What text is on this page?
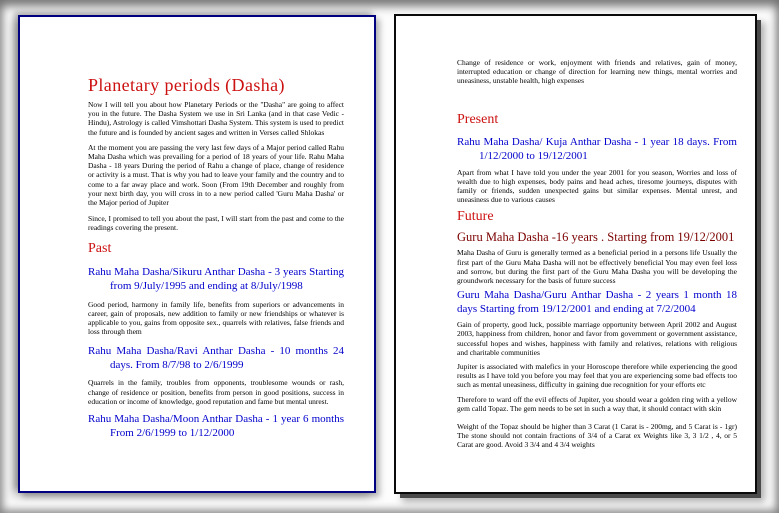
Planetary periods (Dasha)

Now I will tell you about how Planetary Periods or the "Dasha" are going to affect you in the future. The Dasha System we use in Sri Lanka (and in that case Vedic - Hindu), Astrology is called Vimshottari Dasha System. This system is used to predict the future and is founded by ancient sages and written in Verses called Shlokas

At the moment you are passing the very last few days of a Major period called Rahu Maha Dasha which was prevailing for a period of 18 years of your life. Rahu Maha Dasha - 18 years During the period of Rahu a change of place, change of residence or activity is a must. That is why you had to leave your family and the country and to come to a far away place and work. Soon (From 19th December and roughly from your next birth day, you will cross in to a new period called 'Guru Maha Dasha' or the Major period of Jupiter

Since, I promised to tell you about the past, I will start from the past and come to the readings covering the present.

Past
Rahu Maha Dasha/Sikuru Anthar Dasha - 3 years Starting from 9/July/1995 and ending at 8/July/1998

Good period, harmony in family life, benefits from superiors or advancements in career, gain of proposals, new addition to family or new friendships or whatever is applicable to you, gains from opposite sex., quarrels with relatives, false friends and loss through them

Rahu Maha Dasha/Ravi Anthar Dasha - 10 months 24 days. From 8/7/98 to 2/6/1999

Quarrels in the family, troubles from opponents, troublesome wounds or rash, change of residence or position, benefits from person in good positions, success in education or income of knowledge, good reputation and fame but mental unrest.

Rahu Maha Dasha/Moon Anthar Dasha - 1 year 6 months From 2/6/1999 to 1/12/2000

Change of residence or work, enjoyment with friends and relatives, gain of money, interrupted education or change of direction for learning new things, mental worries and uneasiness, unstable health, high expenses

Present
Rahu Maha Dasha/ Kuja Anthar Dasha - 1 year 18 days. From 1/12/2000 to 19/12/2001

Apart from what I have told you under the year 2001 for you season, Worries and loss of wealth due to high expenses, body pains and head aches, tiresome journeys, disputes with family or friends, sudden unexpected gains but similar expenses. Mental unrest, and uneasiness due to various causes

Future
Guru Maha Dasha -16 years . Starting from 19/12/2001

Maha Dasha of Guru is generally termed as a beneficial period in a persons life Usually the first part of the Guru Maha Dasha will not be effectively beneficial You may even feel loss and sorrow, but during the first part of the Guru Maha Dasha you will be developing the groundwork necessary for the basis of future success

Guru Maha Dasha/Guru Anthar Dasha - 2 years 1 month 18 days Starting from 19/12/2001 and ending at 7/2/2004

Gain of property, good luck, possible marriage opportunity between April 2002 and August 2003, happiness from children, honor and favor from government or government assistance, successful hopes and wishes, happiness with family and relatives, relations with religious and charitable communities

Jupiter is associated with malefics in your Horoscope therefore while experiencing the good results as I have told you before you may feel that you are experiencing some bad effects too such as mental uneasiness, difficulty in gaining due recognition for your efforts etc

Therefore to ward off the evil effects of Jupiter, you should wear a golden ring with a yellow gem calld Topaz. The gem needs to be set in such a way that, it should contact with skin

Weight of the Topaz should be higher than 3 Carat (1 Carat is - 200mg, and 5 Carat is - 1gr) The stone should not contain fractions of 3/4 of a Carat ex Weights like 3, 3 1/2 , 4, or 5 Carat are good. Avoid 3 3/4 and 4 3/4 weights
